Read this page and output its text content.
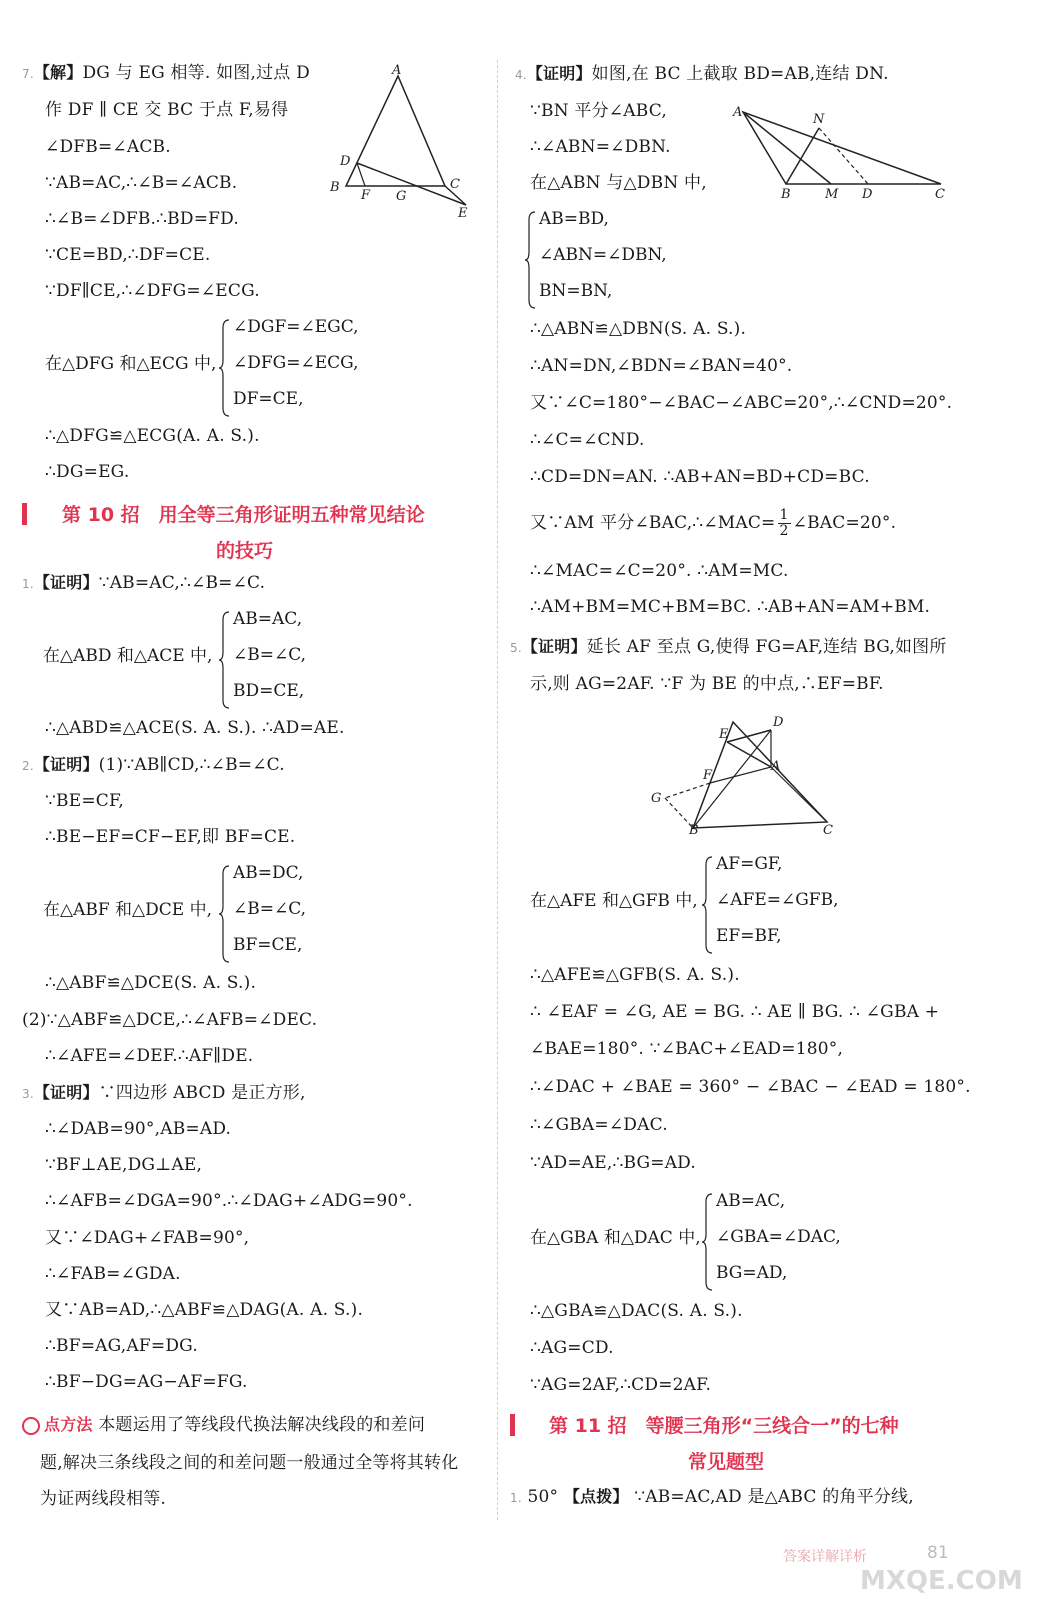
7.【解】DG 与 EG 相等. 如图,过点 D
作 DF ∥ CE 交 BC 于点 F,易得
∠DFB=∠ACB.
∵AB=AC,∴∠B=∠ACB.
∴∠B=∠DFB.∴BD=FD.
∵CE=BD,∴DF=CE.
∵DF∥CE,∴∠DFG=∠ECG.
A
D
B
F G
C
E
在△DFG 和△ECG 中,
∠DGF=∠EGC,
∠DFG=∠ECG,
DF=CE,
∴△DFG≌△ECG(A. A. S.).
∴DG=EG.
第 10 招　用全等三角形证明五种常见结论
的技巧
1.【证明】∵AB=AC,∴∠B=∠C.
在△ABD 和△ACE 中,
AB=AC,
∠B=∠C,
BD=CE,
∴△ABD≌△ACE(S. A. S.). ∴AD=AE.
2.【证明】(1)∵AB∥CD,∴∠B=∠C.
∵BE=CF,
∴BE−EF=CF−EF,即 BF=CE.
在△ABF 和△DCE 中,
AB=DC,
∠B=∠C,
BF=CE,
∴△ABF≌△DCE(S. A. S.).
(2)∵△ABF≌△DCE,∴∠AFB=∠DEC.
∴∠AFE=∠DEF.∴AF∥DE.
3.【证明】∵四边形 ABCD 是正方形,
∴∠DAB=90°,AB=AD.
∵BF⊥AE,DG⊥AE,
∴∠AFB=∠DGA=90°.∴∠DAG+∠ADG=90°.
又∵∠DAG+∠FAB=90°,
∴∠FAB=∠GDA.
又∵AB=AD,∴△ABF≌△DAG(A. A. S.).
∴BF=AG,AF=DG.
∴BF−DG=AG−AF=FG.
点方法 本题运用了等线段代换法解决线段的和差问
题,解决三条线段之间的和差问题一般通过全等将其转化
为证两线段相等.
4.【证明】如图,在 BC 上截取 BD=AB,连结 DN.
∵BN 平分∠ABC,
∴∠ABN=∠DBN.
在△ABN 与△DBN 中,
A	N
B	M D	C
AB=BD,
∠ABN=∠DBN,
BN=BN,
∴△ABN≌△DBN(S. A. S.).
∴AN=DN,∠BDN=∠BAN=40°.
又∵∠C=180°−∠BAC−∠ABC=20°,∴∠CND=20°.
∴∠C=∠CND.
∴CD=DN=AN. ∴AB+AN=BD+CD=BC.
又∵AM 平分∠BAC,∴∠MAC= $\frac{1}{2}$ ∠BAC=20°.
∴∠MAC=∠C=20°. ∴AM=MC.
∴AM+BM=MC+BM=BC. ∴AB+AN=AM+BM.
5.【证明】延长 AF 至点 G,使得 FG=AF,连结 BG,如图所
示,则 AG=2AF. ∵F 为 BE 的中点,∴EF=BF.
E
D
A
F
G
B	C
在△AFE 和△GFB 中,
AF=GF,
∠AFE=∠GFB,
EF=BF,
∴△AFE≌△GFB(S. A. S.).
∴ ∠EAF = ∠G, AE = BG. ∴ AE ∥ BG. ∴ ∠GBA +
∠BAE=180°. ∵∠BAC+∠EAD=180°,
∴∠DAC + ∠BAE = 360° − ∠BAC − ∠EAD = 180°.
∴∠GBA=∠DAC.
∵AD=AE,∴BG=AD.
在△GBA 和△DAC 中,
AB=AC,
∠GBA=∠DAC,
BG=AD,
∴△GBA≌△DAC(S. A. S.).
∴AG=CD.
∵AG=2AF,∴CD=2AF.
第 11 招　等腰三角形“三线合一”的七种
常见题型
1. 50° 【点拨】 ∵AB=AC,AD 是△ABC 的角平分线,
答案详解详析	81
MXQE.COM
